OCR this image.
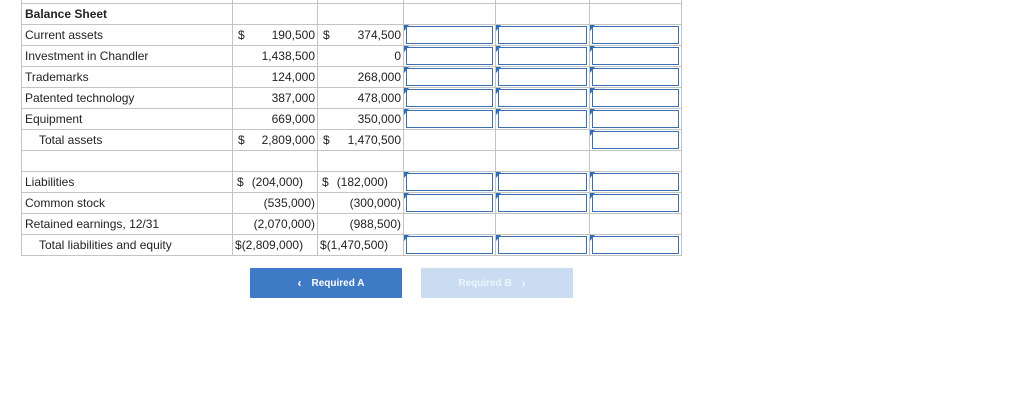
Balance Sheet					
Current assets	$ 190,500	$ 374,500			

Investment in Chandler	1,438,500	0			

Trademarks	124,000	268,000			

Patented technology	387,000	478,000			

Equipment	669,000	350,000			

Total assets	$ 2,809,000	$ 1,470,500			

Liabilities	$ (204,000)	$ (182,000)			

Common stock	(535,000)	(300,000)			

Retained earnings, 12/31	(2,070,000)	(988,500)			

Total liabilities and equity	$ (2,809,000)	$ (1,470,500)			

‹ Required A	Required B ›
